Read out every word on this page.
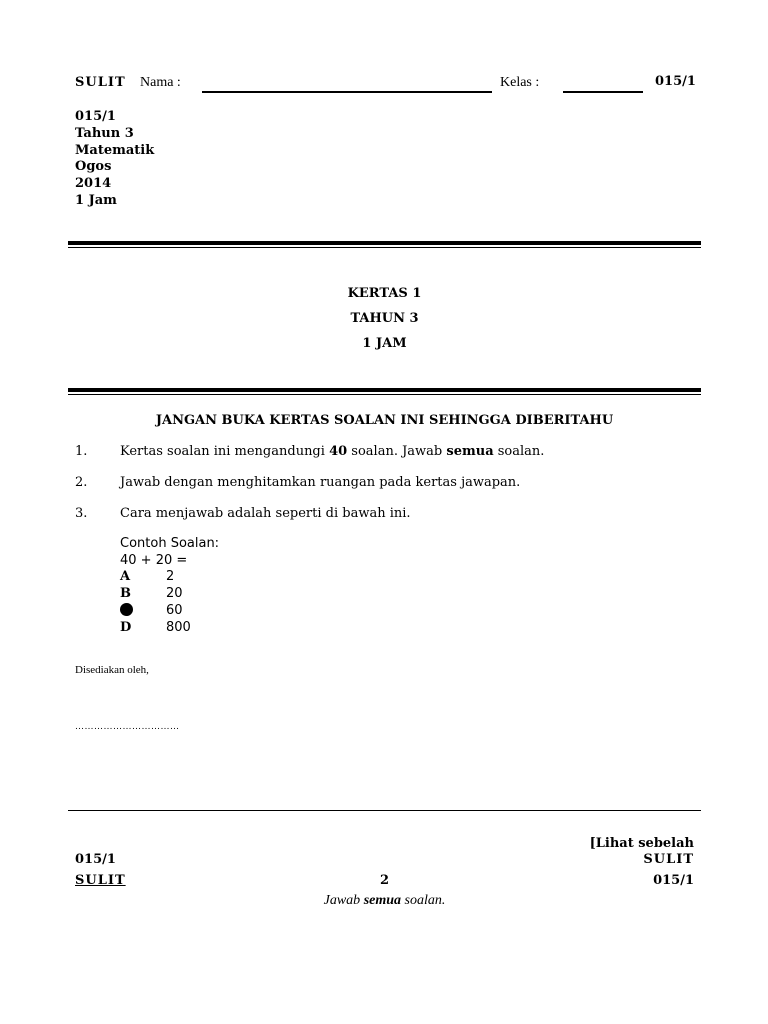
SULIT Nama :	Kelas :	015/1
015/1
Tahun 3
Matematik
Ogos
2014
1 Jam
KERTAS 1
TAHUN 3
1 JAM
JANGAN BUKA KERTAS SOALAN INI SEHINGGA DIBERITAHU
1.	Kertas soalan ini mengandungi 40 soalan. Jawab semua soalan.
2.	Jawab dengan menghitamkan ruangan pada kertas jawapan.
3.	Cara menjawab adalah seperti di bawah ini.
Contoh Soalan:
40 + 20 =
A	2
B	20
60
D	800
Disediakan oleh,
……………………………
[Lihat sebelah
015/1	SULIT
SULIT	2	015/1
Jawab semua soalan.
